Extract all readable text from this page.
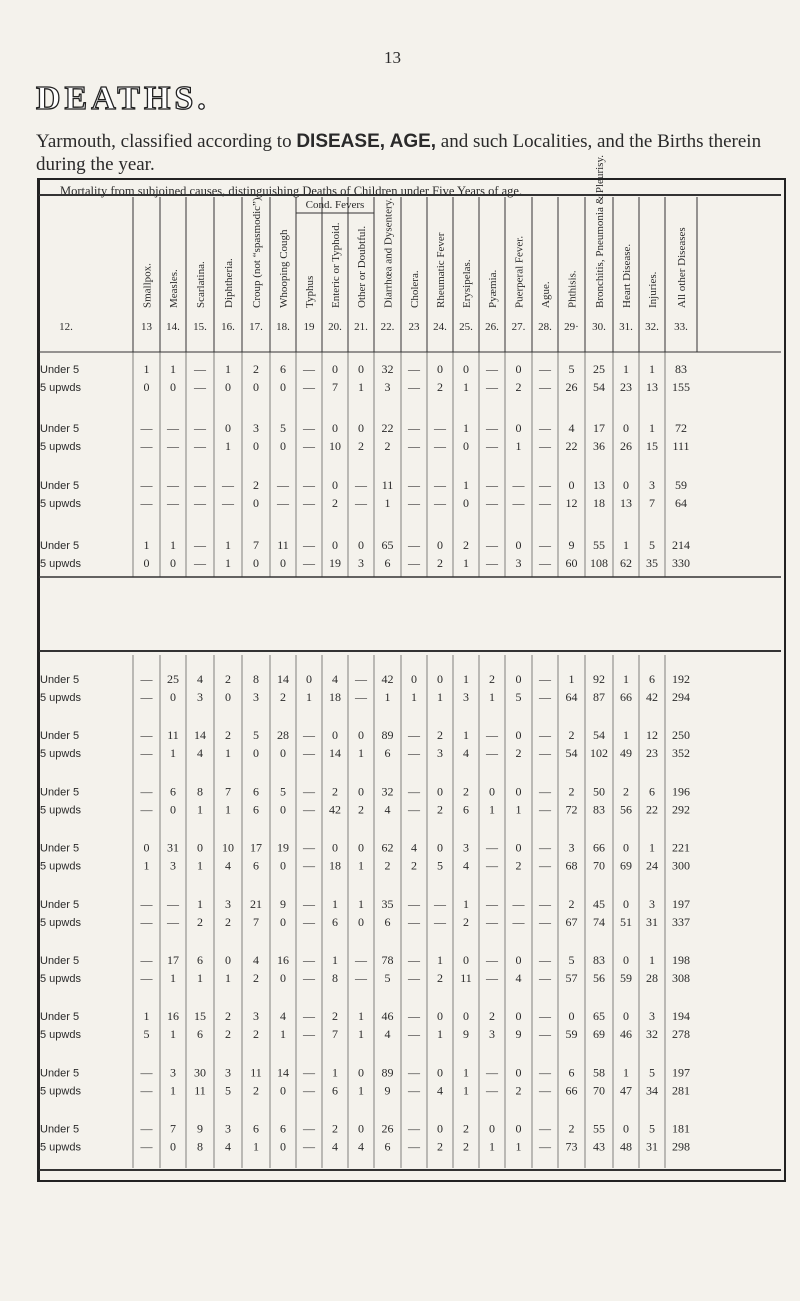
13
DEATHS.
Yarmouth, classified according to DISEASE, AGE, and such Localities, and the Births therein during the year.
Mortality from subjoined causes, distinguishing Deaths of Children under Five Years of age.
Cond. Fevers
Smallpox.
13
Measles.
14.
Scarlatina.
15.
Diphtheria.
16.
Croup (not “spasmodic”)
17.
Whooping Cough
18.
Typhus
19
Enteric or Typhoid.
20.
Other or Doubtful.
21.
Diarrhœa and Dysentery.
22.
Cholera.
23
Rheumatic Fever
24.
Erysipelas.
25.
Pyæmia.
26.
Puerperal Fever.
27.
Ague.
28.
Phthisis.
29·
Bronchitis, Pneumonia & Pleurisy.
30.
Heart Disease.
31.
Injuries.
32.
All other Diseases
33.
12.
Under 5
5 upwds
1 1 — 1 2 6 — 0 0 32 — 0 0 — 0 — 5 25 1 1 83
0 0 — 0 0 0 — 7 1 3 — 2 1 — 2 — 26 54 23 13 155
Under 5
5 upwds
— — — 0 3 5 — 0 0 22 — — 1 — 0 — 4 17 0 1 72
— — — 1 0 0 — 10 2 2 — — 0 — 1 — 22 36 26 15 111
Under 5
5 upwds
— — — — 2 — — 0 — 11 — — 1 — — — 0 13 0 3 59
— — — — 0 — — 2 — 1 — — 0 — — — 12 18 13 7 64
Under 5
5 upwds
1 1 — 1 7 11 — 0 0 65 — 0 2 — 0 — 9 55 1 5 214
0 0 — 1 0 0 — 19 3 6 — 2 1 — 3 — 60 108 62 35 330
Under 5
5 upwds
— 25 4 2 8 14 0 4 — 42 0 0 1 2 0 — 1 92 1 6 192
— 0 3 0 3 2 1 18 — 1 1 1 3 1 5 — 64 87 66 42 294
Under 5
5 upwds
— 11 14 2 5 28 — 0 0 89 — 2 1 — 0 — 2 54 1 12 250
— 1 4 1 0 0 — 14 1 6 — 3 4 — 2 — 54 102 49 23 352
Under 5
5 upwds
— 6 8 7 6 5 — 2 0 32 — 0 2 0 0 — 2 50 2 6 196
— 0 1 1 6 0 — 42 2 4 — 2 6 1 1 — 72 83 56 22 292
Under 5
5 upwds
0 31 0 10 17 19 — 0 0 62 4 0 3 — 0 — 3 66 0 1 221
1 3 1 4 6 0 — 18 1 2 2 5 4 — 2 — 68 70 69 24 300
Under 5
5 upwds
— — 1 3 21 9 — 1 1 35 — — 1 — — — 2 45 0 3 197
— — 2 2 7 0 — 6 0 6 — — 2 — — — 67 74 51 31 337
Under 5
5 upwds
— 17 6 0 4 16 — 1 — 78 — 1 0 — 0 — 5 83 0 1 198
— 1 1 1 2 0 — 8 — 5 — 2 11 — 4 — 57 56 59 28 308
Under 5
5 upwds
1 16 15 2 3 4 — 2 1 46 — 0 0 2 0 — 0 65 0 3 194
5 1 6 2 2 1 — 7 1 4 — 1 9 3 9 — 59 69 46 32 278
Under 5
5 upwds
— 3 30 3 11 14 — 1 0 89 — 0 1 — 0 — 6 58 1 5 197
— 1 11 5 2 0 — 6 1 9 — 4 1 — 2 — 66 70 47 34 281
Under 5
5 upwds
— 7 9 3 6 6 — 2 0 26 — 0 2 0 0 — 2 55 0 5 181
— 0 8 4 1 0 — 4 4 6 — 2 2 1 1 — 73 43 48 31 298
